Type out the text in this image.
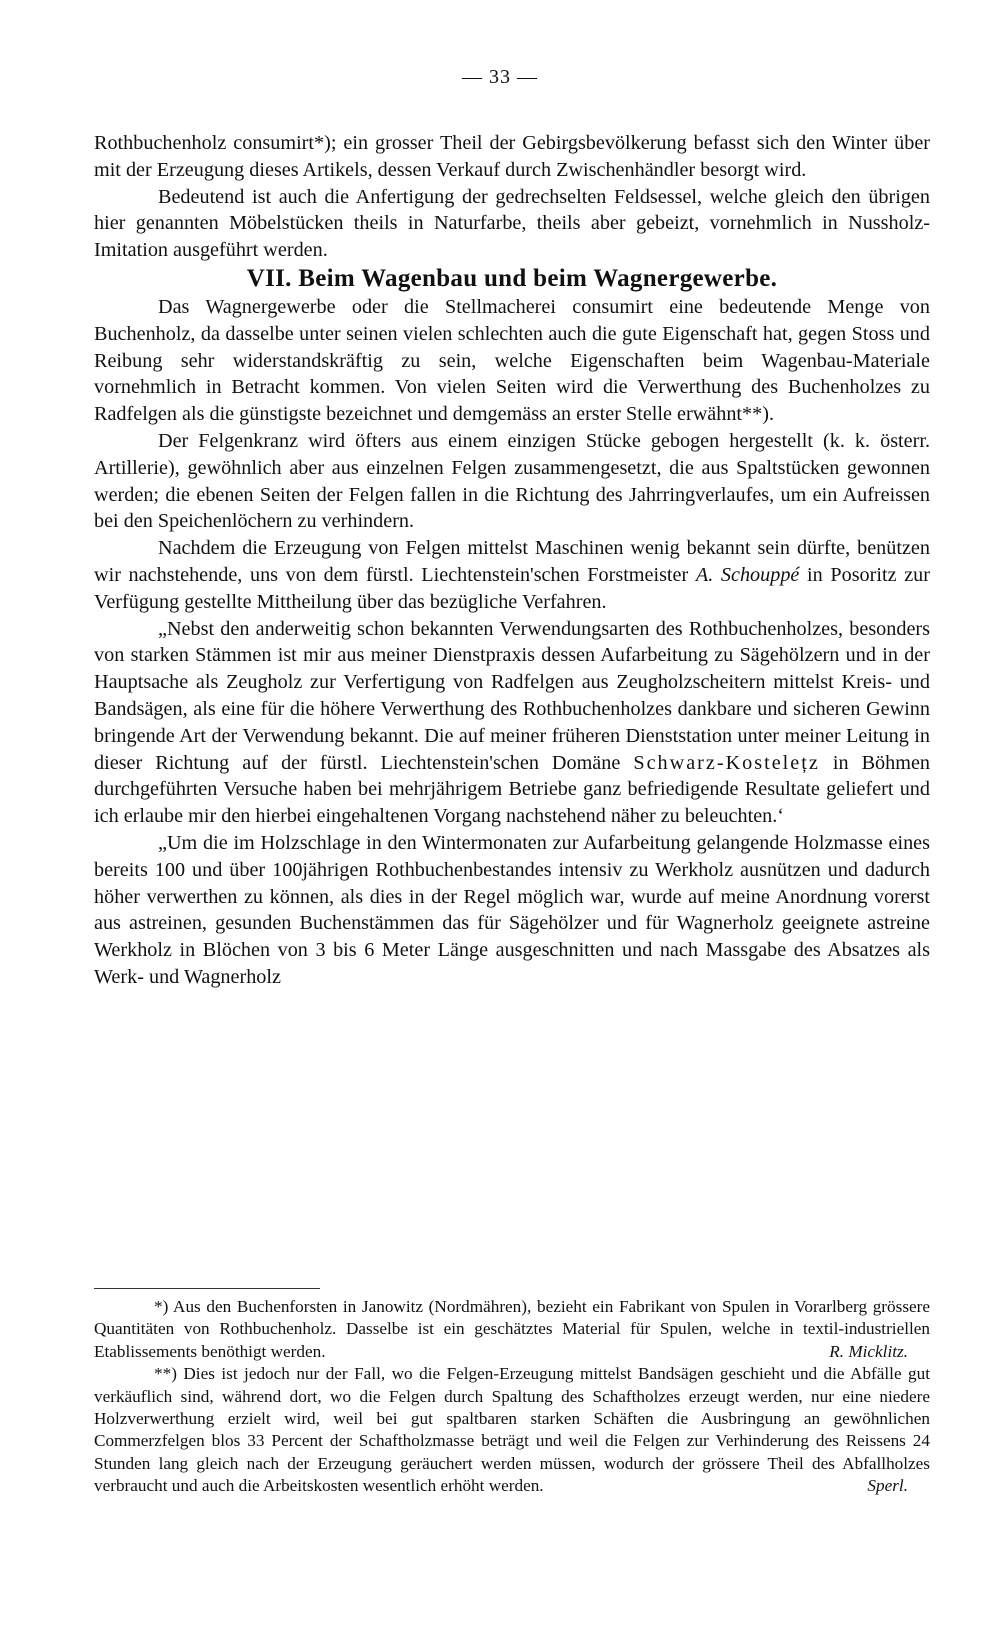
— 33 —

Rothbuchenholz consumirt*); ein grosser Theil der Gebirgsbevölkerung befasst sich den Winter über mit der Erzeugung dieses Artikels, dessen Verkauf durch Zwischenhändler besorgt wird.

Bedeutend ist auch die Anfertigung der gedrechselten Feldsessel, welche gleich den übrigen hier genannten Möbelstücken theils in Naturfarbe, theils aber gebeizt, vornehmlich in Nussholz-Imitation ausgeführt werden.

VII. Beim Wagenbau und beim Wagnergewerbe.

Das Wagnergewerbe oder die Stellmacherei consumirt eine bedeutende Menge von Buchenholz, da dasselbe unter seinen vielen schlechten auch die gute Eigenschaft hat, gegen Stoss und Reibung sehr widerstandskräftig zu sein, welche Eigenschaften beim Wagenbau-Materiale vornehmlich in Betracht kommen. Von vielen Seiten wird die Verwerthung des Buchenholzes zu Radfelgen als die günstigste bezeichnet und demgemäss an erster Stelle erwähnt**).

Der Felgenkranz wird öfters aus einem einzigen Stücke gebogen hergestellt (k. k. österr. Artillerie), gewöhnlich aber aus einzelnen Felgen zusammengesetzt, die aus Spaltstücken gewonnen werden; die ebenen Seiten der Felgen fallen in die Richtung des Jahrringverlaufes, um ein Aufreissen bei den Speichenlöchern zu verhindern.

Nachdem die Erzeugung von Felgen mittelst Maschinen wenig bekannt sein dürfte, benützen wir nachstehende, uns von dem fürstl. Liechtenstein'schen Forstmeister A. Schouppé in Posoritz zur Verfügung gestellte Mittheilung über das bezügliche Verfahren.

„Nebst den anderweitig schon bekannten Verwendungsarten des Rothbuchenholzes, besonders von starken Stämmen ist mir aus meiner Dienstpraxis dessen Aufarbeitung zu Sägehölzern und in der Hauptsache als Zeugholz zur Verfertigung von Radfelgen aus Zeugholzscheitern mittelst Kreis- und Bandsägen, als eine für die höhere Verwerthung des Rothbuchenholzes dankbare und sicheren Gewinn bringende Art der Verwendung bekannt. Die auf meiner früheren Dienststation unter meiner Leitung in dieser Richtung auf der fürstl. Liechtenstein'schen Domäne Schwarz-Kostelețz in Böhmen durchgeführten Versuche haben bei mehrjährigem Betriebe ganz befriedigende Resultate geliefert und ich erlaube mir den hierbei eingehaltenen Vorgang nachstehend näher zu beleuchten.‘

„Um die im Holzschlage in den Wintermonaten zur Aufarbeitung gelangende Holzmasse eines bereits 100 und über 100jährigen Rothbuchenbestandes intensiv zu Werkholz ausnützen und dadurch höher verwerthen zu können, als dies in der Regel möglich war, wurde auf meine Anordnung vorerst aus astreinen, gesunden Buchenstämmen das für Sägehölzer und für Wagnerholz geeignete astreine Werkholz in Blöchen von 3 bis 6 Meter Länge ausgeschnitten und nach Massgabe des Absatzes als Werk- und Wagnerholz

*) Aus den Buchenforsten in Janowitz (Nordmähren), bezieht ein Fabrikant von Spulen in Vorarlberg grössere Quantitäten von Rothbuchenholz. Dasselbe ist ein geschätztes Material für Spulen, welche in textil-industriellen Etablissements benöthigt werden.	R. Micklitz.

**) Dies ist jedoch nur der Fall, wo die Felgen-Erzeugung mittelst Bandsägen geschieht und die Abfälle gut verkäuflich sind, während dort, wo die Felgen durch Spaltung des Schaftholzes erzeugt werden, nur eine niedere Holzverwerthung erzielt wird, weil bei gut spaltbaren starken Schäften die Ausbringung an gewöhnlichen Commerzfelgen blos 33 Percent der Schaftholzmasse beträgt und weil die Felgen zur Verhinderung des Reissens 24 Stunden lang gleich nach der Erzeugung geräuchert werden müssen, wodurch der grössere Theil des Abfallholzes verbraucht und auch die Arbeitskosten wesentlich erhöht werden.	Sperl.
